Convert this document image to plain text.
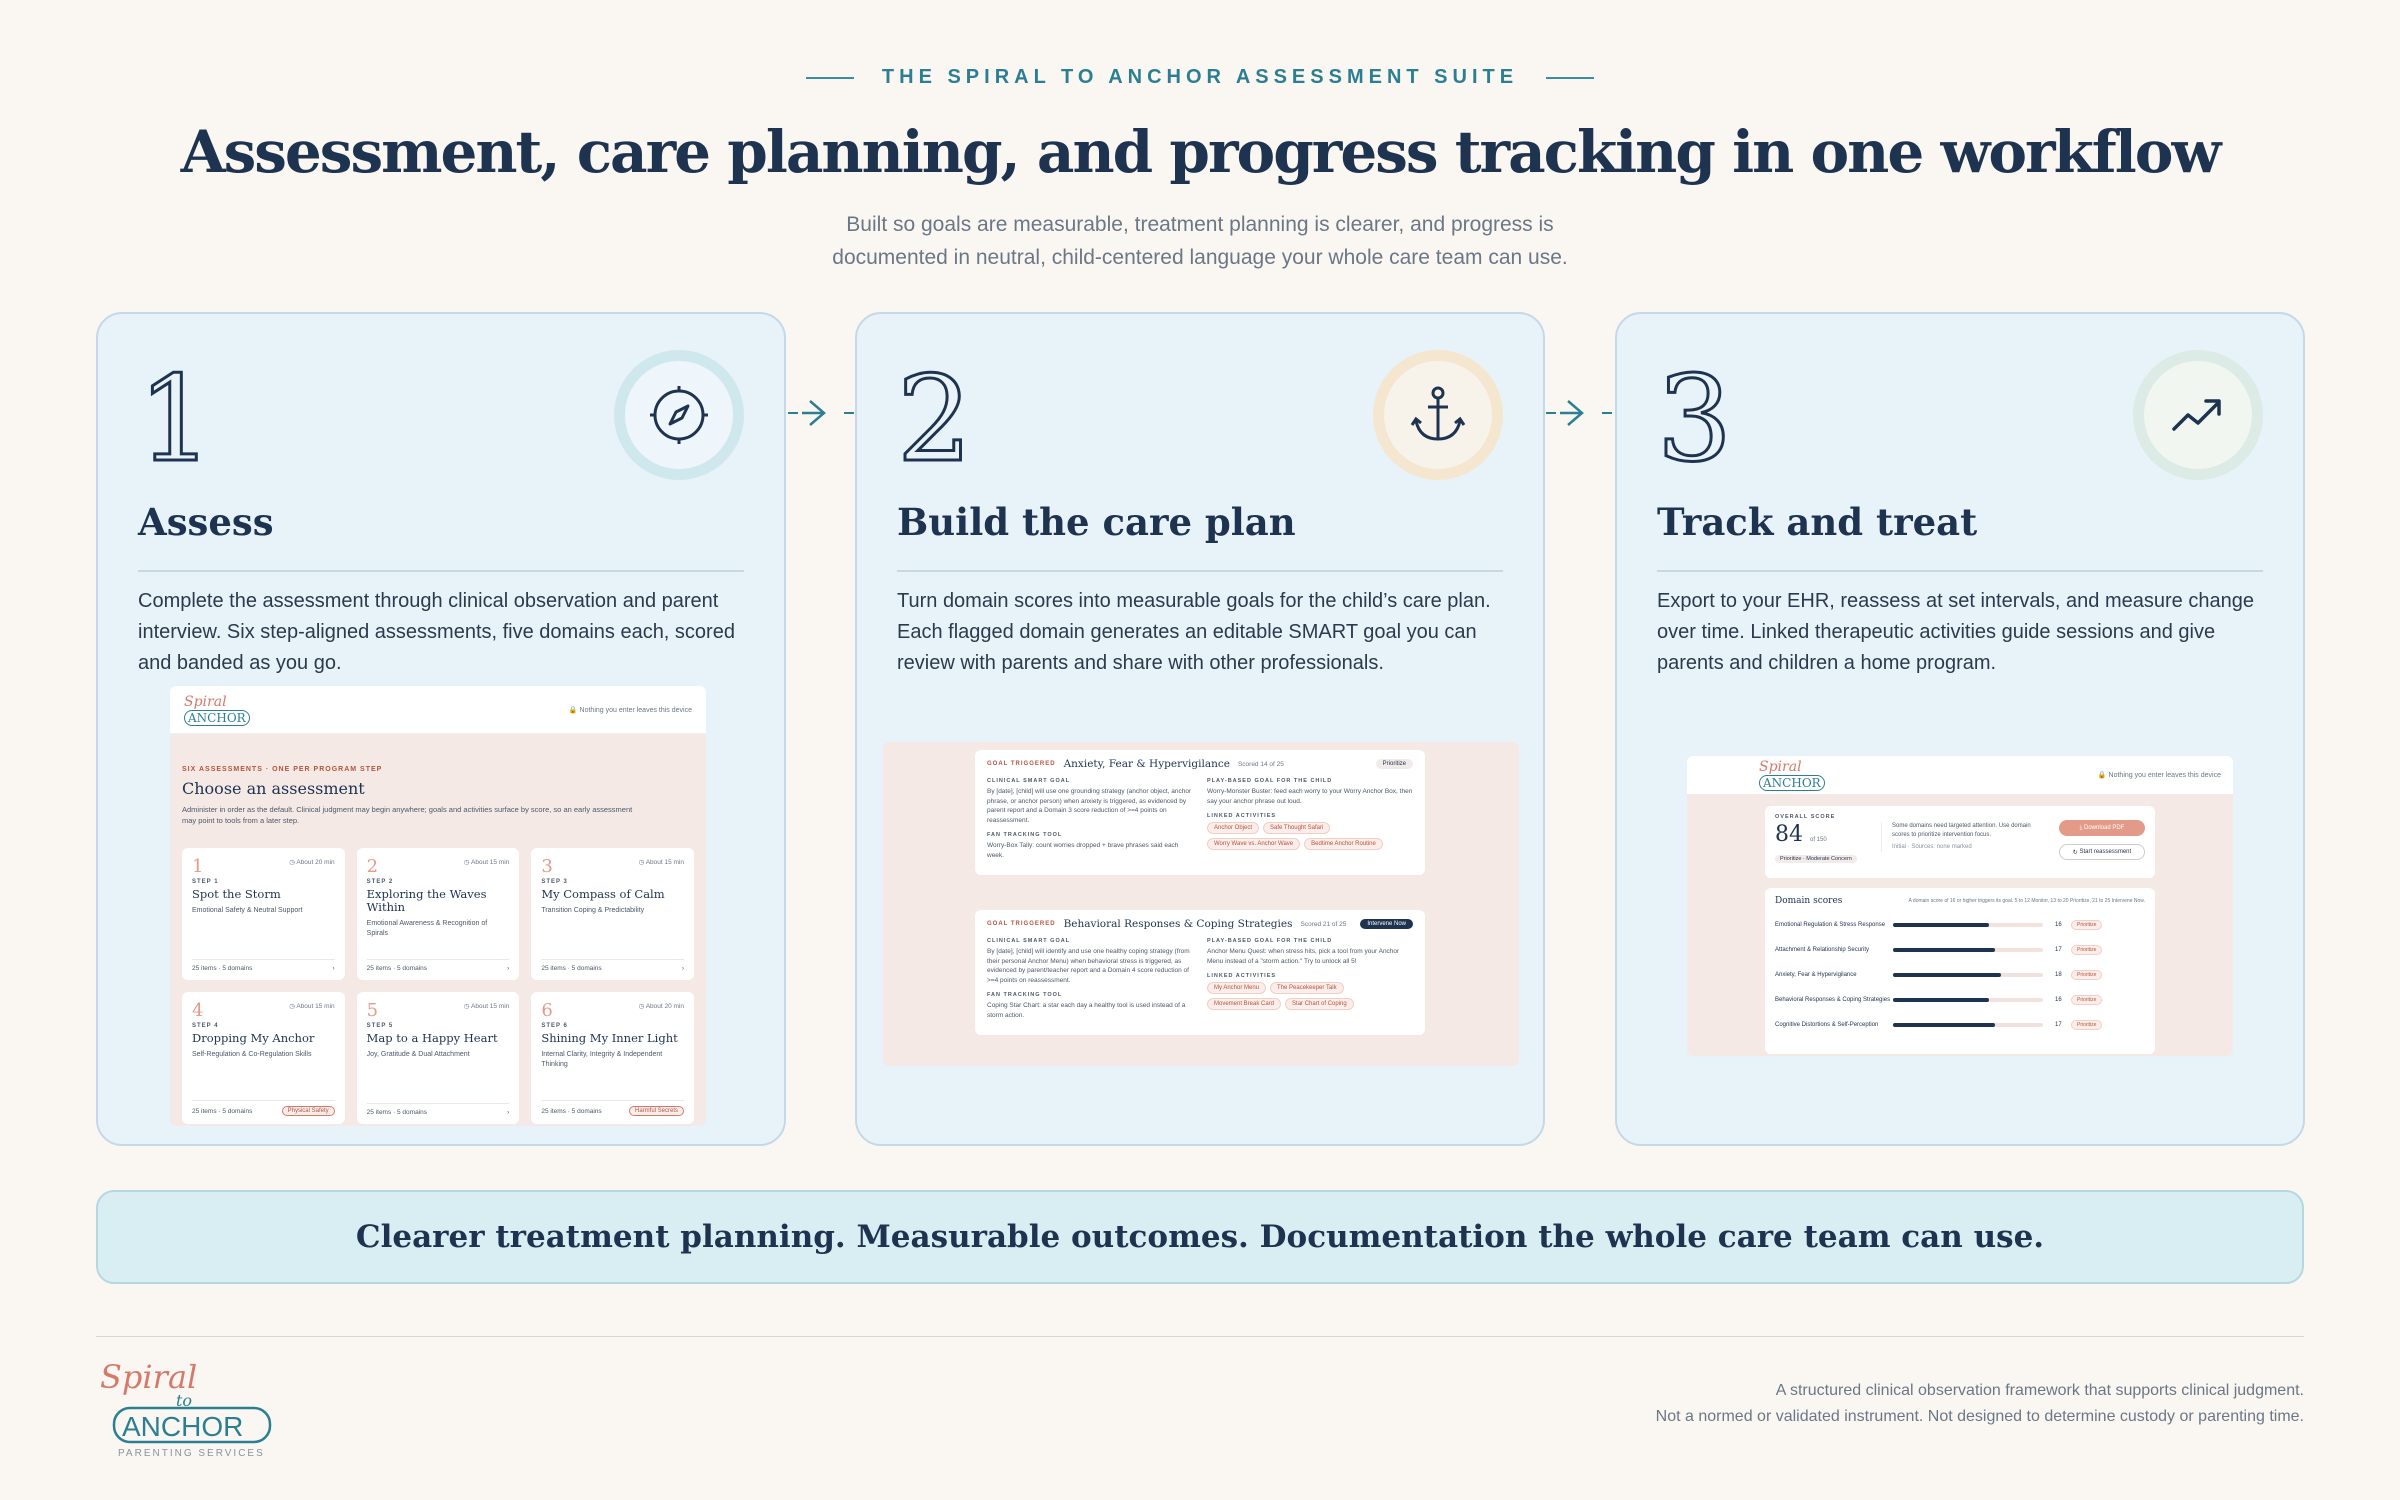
THE SPIRAL TO ANCHOR ASSESSMENT SUITE
Assessment, care planning, and progress tracking in one workflow
Built so goals are measurable, treatment planning is clearer, and progress is
documented in neutral, child-centered language your whole care team can use.
1
Assess
Complete the assessment through clinical observation and parent interview. Six step-aligned assessments, five domains each, scored and banded as you go.
Spiral
ANCHOR
🔒 Nothing you enter leaves this device
SIX ASSESSMENTS · ONE PER PROGRAM STEP
Choose an assessment
Administer in order as the default. Clinical judgment may begin anywhere; goals and activities surface by score, so an early assessment may point to tools from a later step.
1	◷ About 20 min
STEP 1
Spot the Storm
Emotional Safety & Neutral Support
25 items · 5 domains	›
2	◷ About 15 min
STEP 2
Exploring the Waves Within
Emotional Awareness & Recognition of Spirals
25 items · 5 domains	›
3	◷ About 15 min
STEP 3
My Compass of Calm
Transition Coping & Predictability
25 items · 5 domains	›
4	◷ About 15 min
STEP 4
Dropping My Anchor
Self-Regulation & Co-Regulation Skills
25 items · 5 domains	Physical Safety
5	◷ About 15 min
STEP 5
Map to a Happy Heart
Joy, Gratitude & Dual Attachment
25 items · 5 domains	›
6	◷ About 20 min
STEP 6
Shining My Inner Light
Internal Clarity, Integrity & Independent Thinking
25 items · 5 domains	Harmful Secrets
2
Build the care plan
Turn domain scores into measurable goals for the child’s care plan. Each flagged domain generates an editable SMART goal you can review with parents and share with other professionals.
GOAL TRIGGERED Anxiety, Fear & Hypervigilance Scored 14 of 25	Prioritize
CLINICAL SMART GOAL
By [date], [child] will use one grounding strategy (anchor object, anchor phrase, or anchor person) when anxiety is triggered, as evidenced by parent report and a Domain 3 score reduction of >=4 points on reassessment.
FAN TRACKING TOOL
Worry-Box Tally: count worries dropped + brave phrases said each week.
PLAY-BASED GOAL FOR THE CHILD
Worry-Monster Buster: feed each worry to your Worry Anchor Box, then say your anchor phrase out loud.
LINKED ACTIVITIES
Anchor Object	Safe Thought Safari
Worry Wave vs. Anchor Wave	Bedtime Anchor Routine
GOAL TRIGGERED Behavioral Responses & Coping Strategies Scored 21 of 25	Intervene Now
CLINICAL SMART GOAL
By [date], [child] will identify and use one healthy coping strategy (from their personal Anchor Menu) when behavioral stress is triggered, as evidenced by parent/teacher report and a Domain 4 score reduction of >=4 points on reassessment.
FAN TRACKING TOOL
Coping Star Chart: a star each day a healthy tool is used instead of a storm action.
PLAY-BASED GOAL FOR THE CHILD
Anchor Menu Quest: when stress hits, pick a tool from your Anchor Menu instead of a "storm action." Try to unlock all 5!
LINKED ACTIVITIES
My Anchor Menu	The Peacekeeper Talk
Movement Break Card	Star Chart of Coping
3
Track and treat
Export to your EHR, reassess at set intervals, and measure change over time. Linked therapeutic activities guide sessions and give parents and children a home program.
Spiral
ANCHOR
🔒 Nothing you enter leaves this device
OVERALL SCORE
84 of 150
Prioritize · Moderate Concern
Some domains need targeted attention. Use domain scores to prioritize intervention focus.
Initial · Sources: none marked
⤓ Download PDF
↻ Start reassessment
Domain scores	A domain score of 16 or higher triggers its goal. 5 to 12 Monitor, 13 to 20 Prioritize, 21 to 25 Intervene Now.
Emotional Regulation & Stress Response	16	Prioritize
Attachment & Relationship Security	17	Prioritize
Anxiety, Fear & Hypervigilance	18	Prioritize
Behavioral Responses & Coping Strategies	16	Prioritize
Cognitive Distortions & Self-Perception	17	Prioritize
Clearer treatment planning. Measurable outcomes. Documentation the whole care team can use.
Spiral
to
ANCHOR
PARENTING SERVICES
A structured clinical observation framework that supports clinical judgment.
Not a normed or validated instrument. Not designed to determine custody or parenting time.
